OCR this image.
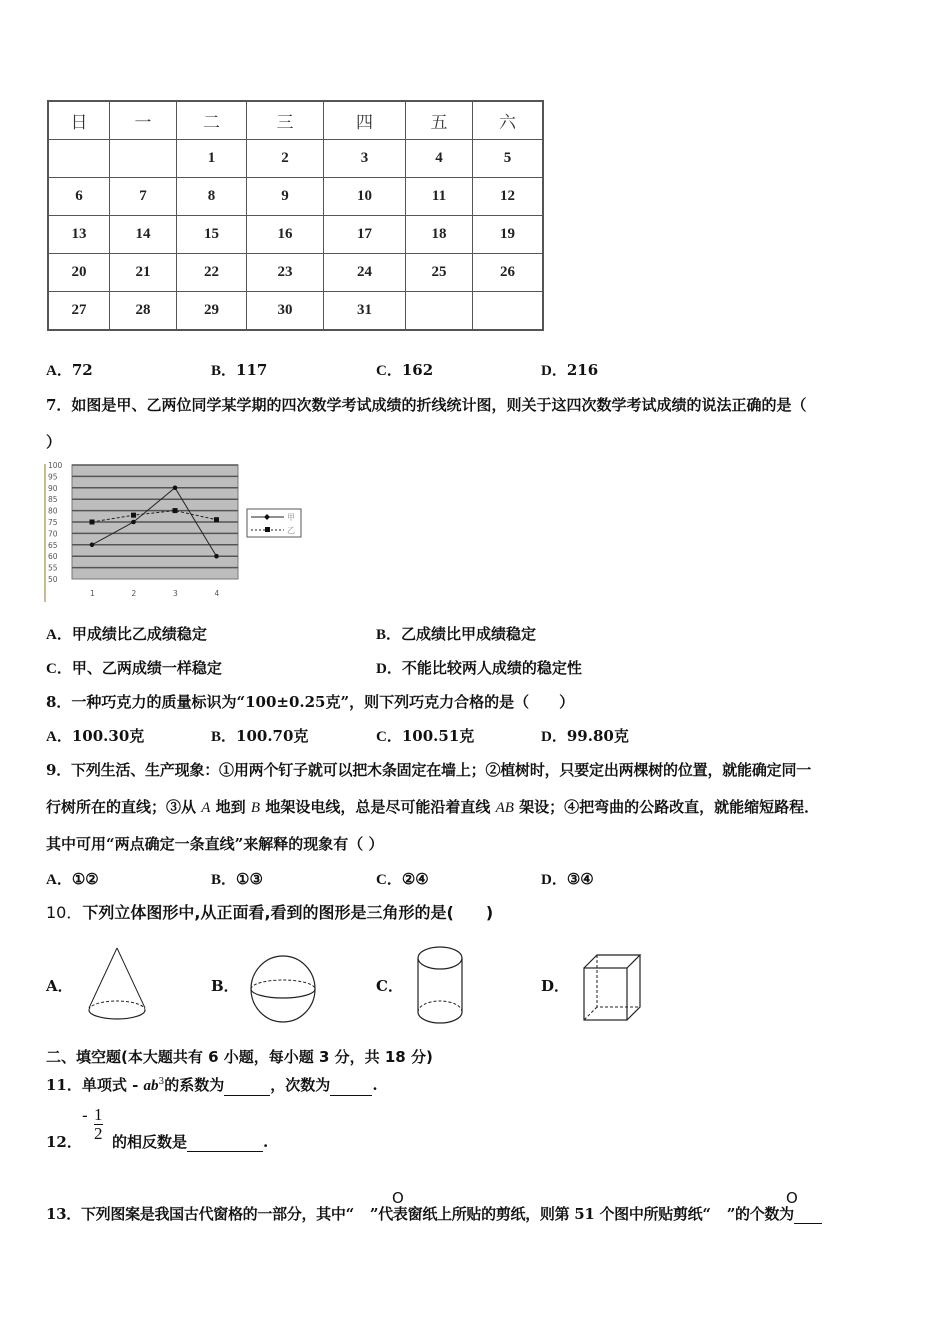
日	一	二	三	四	五	六
		1	2	3	4	5
6	7	8	9	10	11	12
13	14	15	16	17	18	19
20	21	22	23	24	25	26
27	28	29	30	31		
A．72	B．117	C．162	D．216
7．如图是甲、乙两位同学某学期的四次数学考试成绩的折线统计图，则关于这四次数学考试成绩的说法正确的是（
）
50
55
60
65
70
75
80
85
90
95
100
1	2	3	4
甲
乙
A．甲成绩比乙成绩稳定	B．乙成绩比甲成绩稳定
C．甲、乙两成绩一样稳定	D．不能比较两人成绩的稳定性
8．一种巧克力的质量标识为“100±0.25克”，则下列巧克力合格的是（　　）
A．100.30克	B．100.70克	C．100.51克	D．99.80克
9．下列生活、生产现象：①用两个钉子就可以把木条固定在墙上；②植树时，只要定出两棵树的位置，就能确定同一
行树所在的直线；③从 A 地到 B 地架设电线，总是尽可能沿着直线 AB 架设；④把弯曲的公路改直，就能缩短路程．
其中可用“两点确定一条直线”来解释的现象有（ ）
A．①②	B．①③	C．②④	D．③④
10．下列立体图形中,从正面看,看到的图形是三角形的是(　　)
A．	B．	C．	D．
二、填空题(本大题共有 6 小题，每小题 3 分，共 18 分)
11．单项式 - $ab^3$的系数为	，次数为	.
12．
- $\frac{1}{2}$ 的相反数是	.
13．下列图案是我国古代窗格的一部分，其中“ ”代表窗纸上所贴的剪纸，则第 51 个图中所贴剪纸“ ”的个数为
O	O
